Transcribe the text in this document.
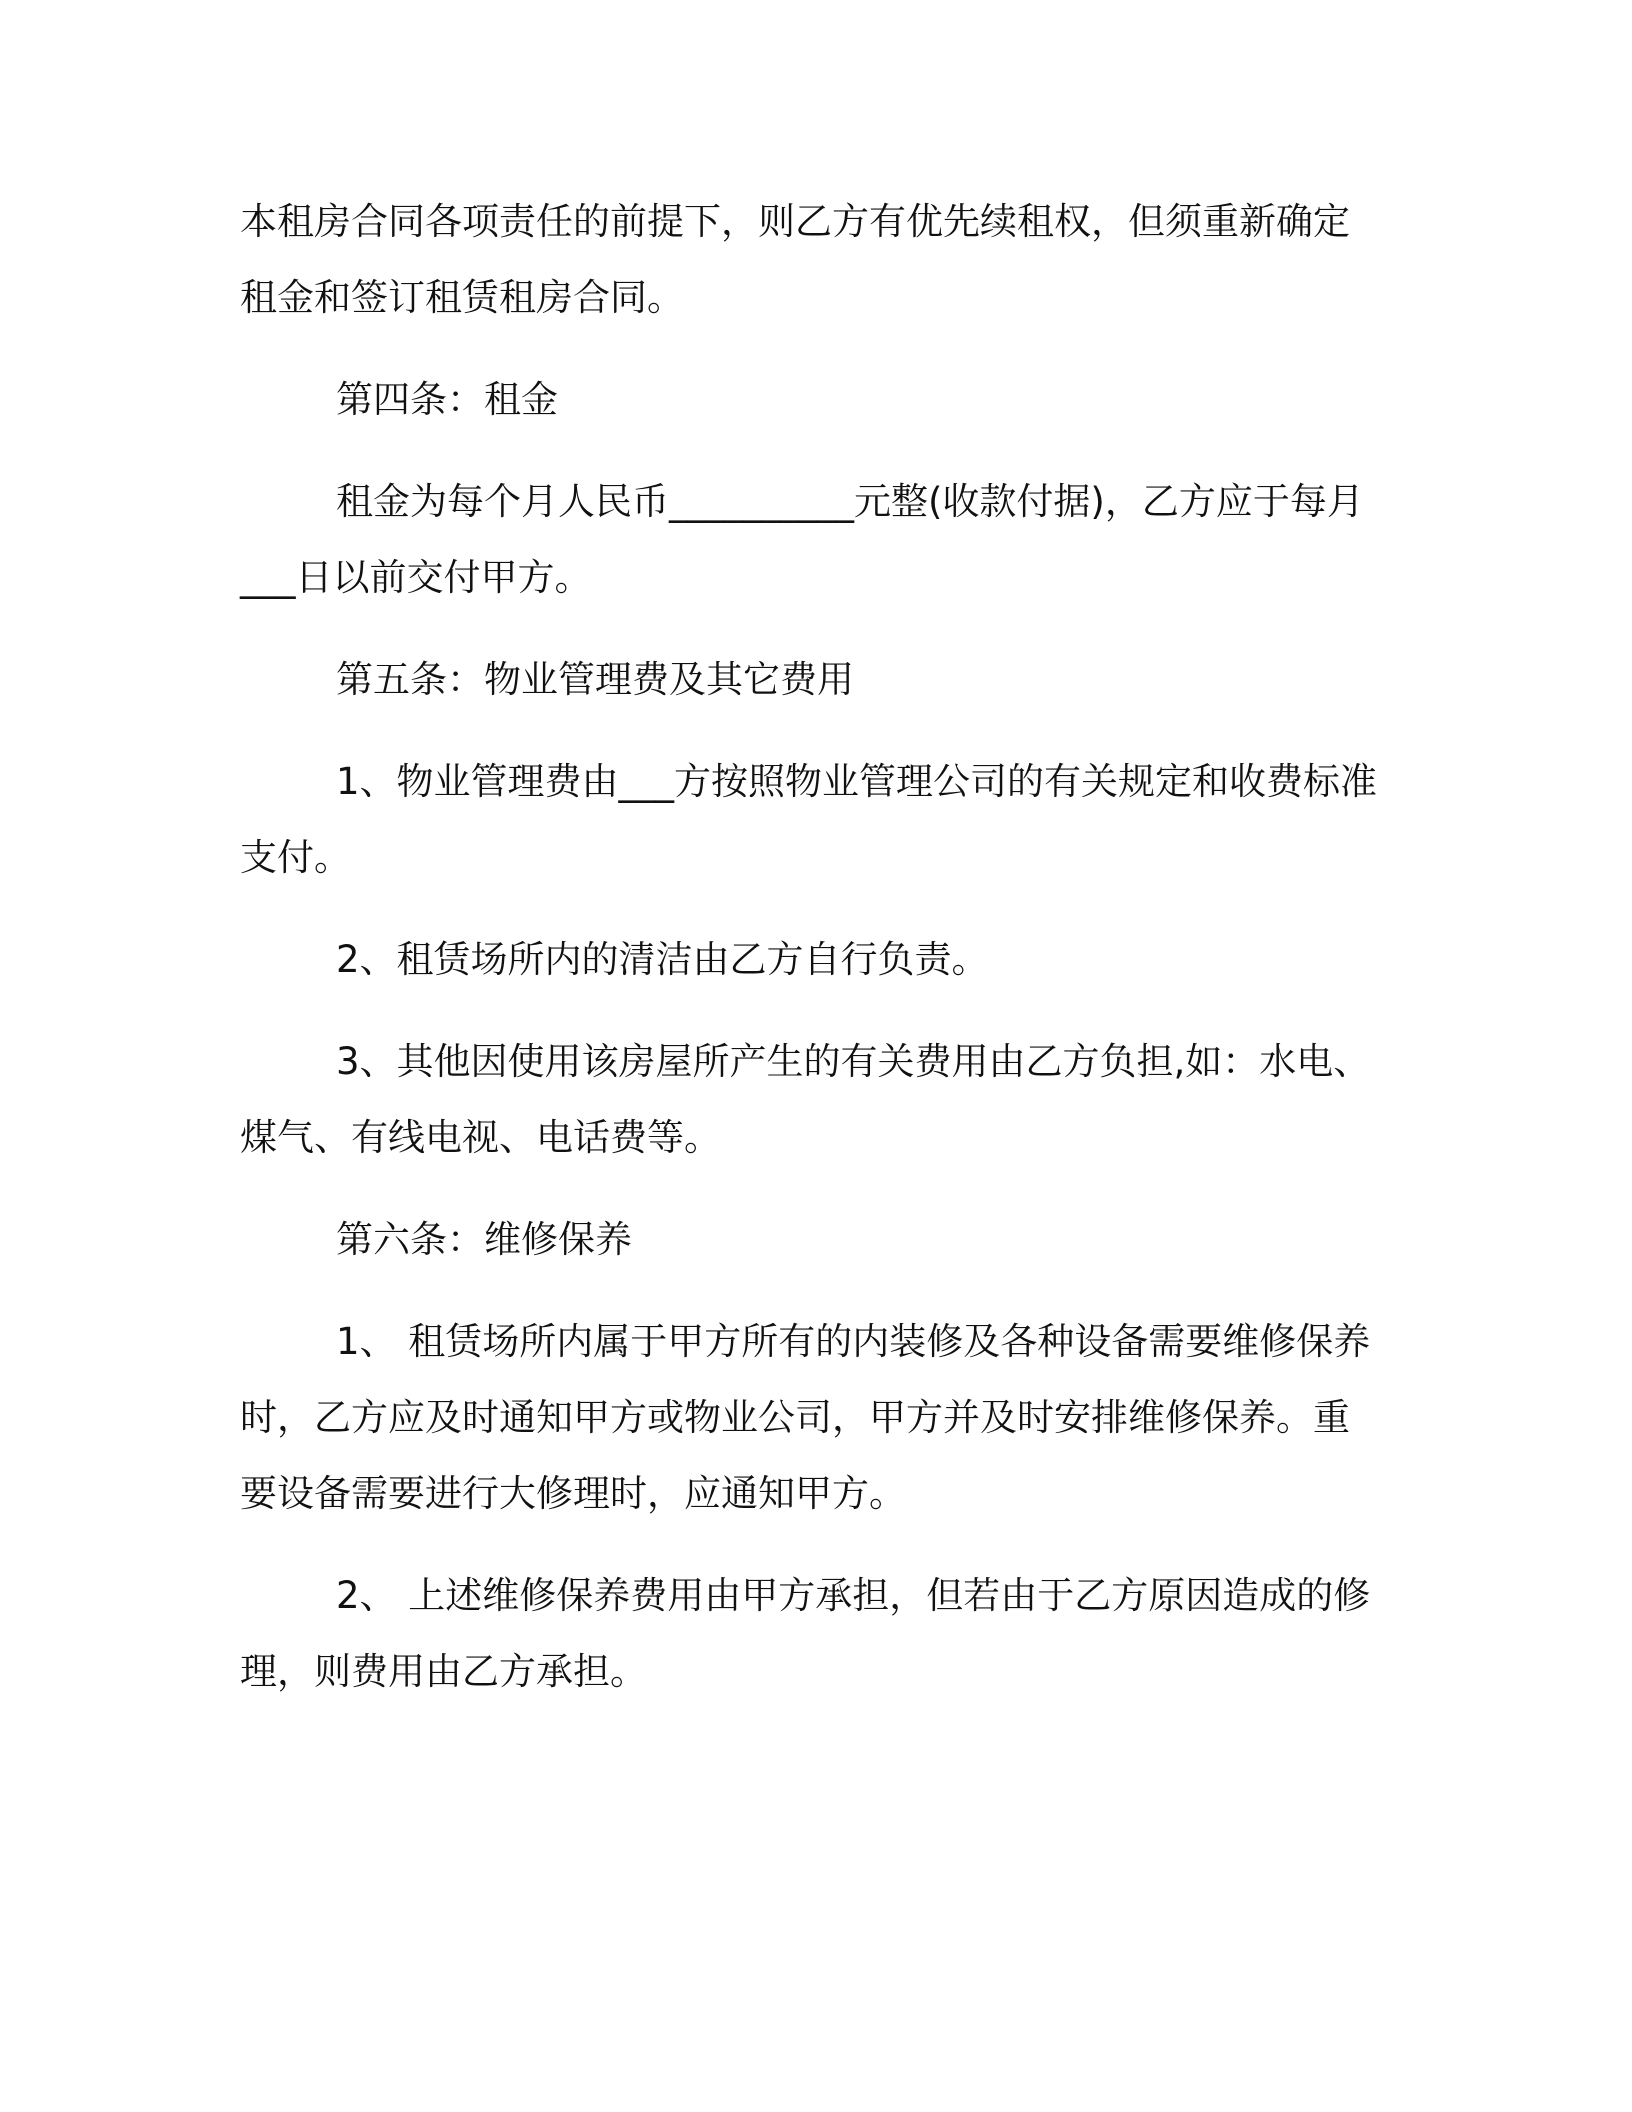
本租房合同各项责任的前提下，则乙方有优先续租权，但须重新确定
租金和签订租赁租房合同。

第四条：租金

租金为每个月人民币__________元整(收款付据)，乙方应于每月
___日以前交付甲方。

第五条：物业管理费及其它费用

1、物业管理费由___方按照物业管理公司的有关规定和收费标准
支付。

2、租赁场所内的清洁由乙方自行负责。

3、其他因使用该房屋所产生的有关费用由乙方负担,如：水电、
煤气、有线电视、电话费等。

第六条：维修保养

1、 租赁场所内属于甲方所有的内装修及各种设备需要维修保养
时，乙方应及时通知甲方或物业公司，甲方并及时安排维修保养。重
要设备需要进行大修理时，应通知甲方。

2、 上述维修保养费用由甲方承担，但若由于乙方原因造成的修
理，则费用由乙方承担。
